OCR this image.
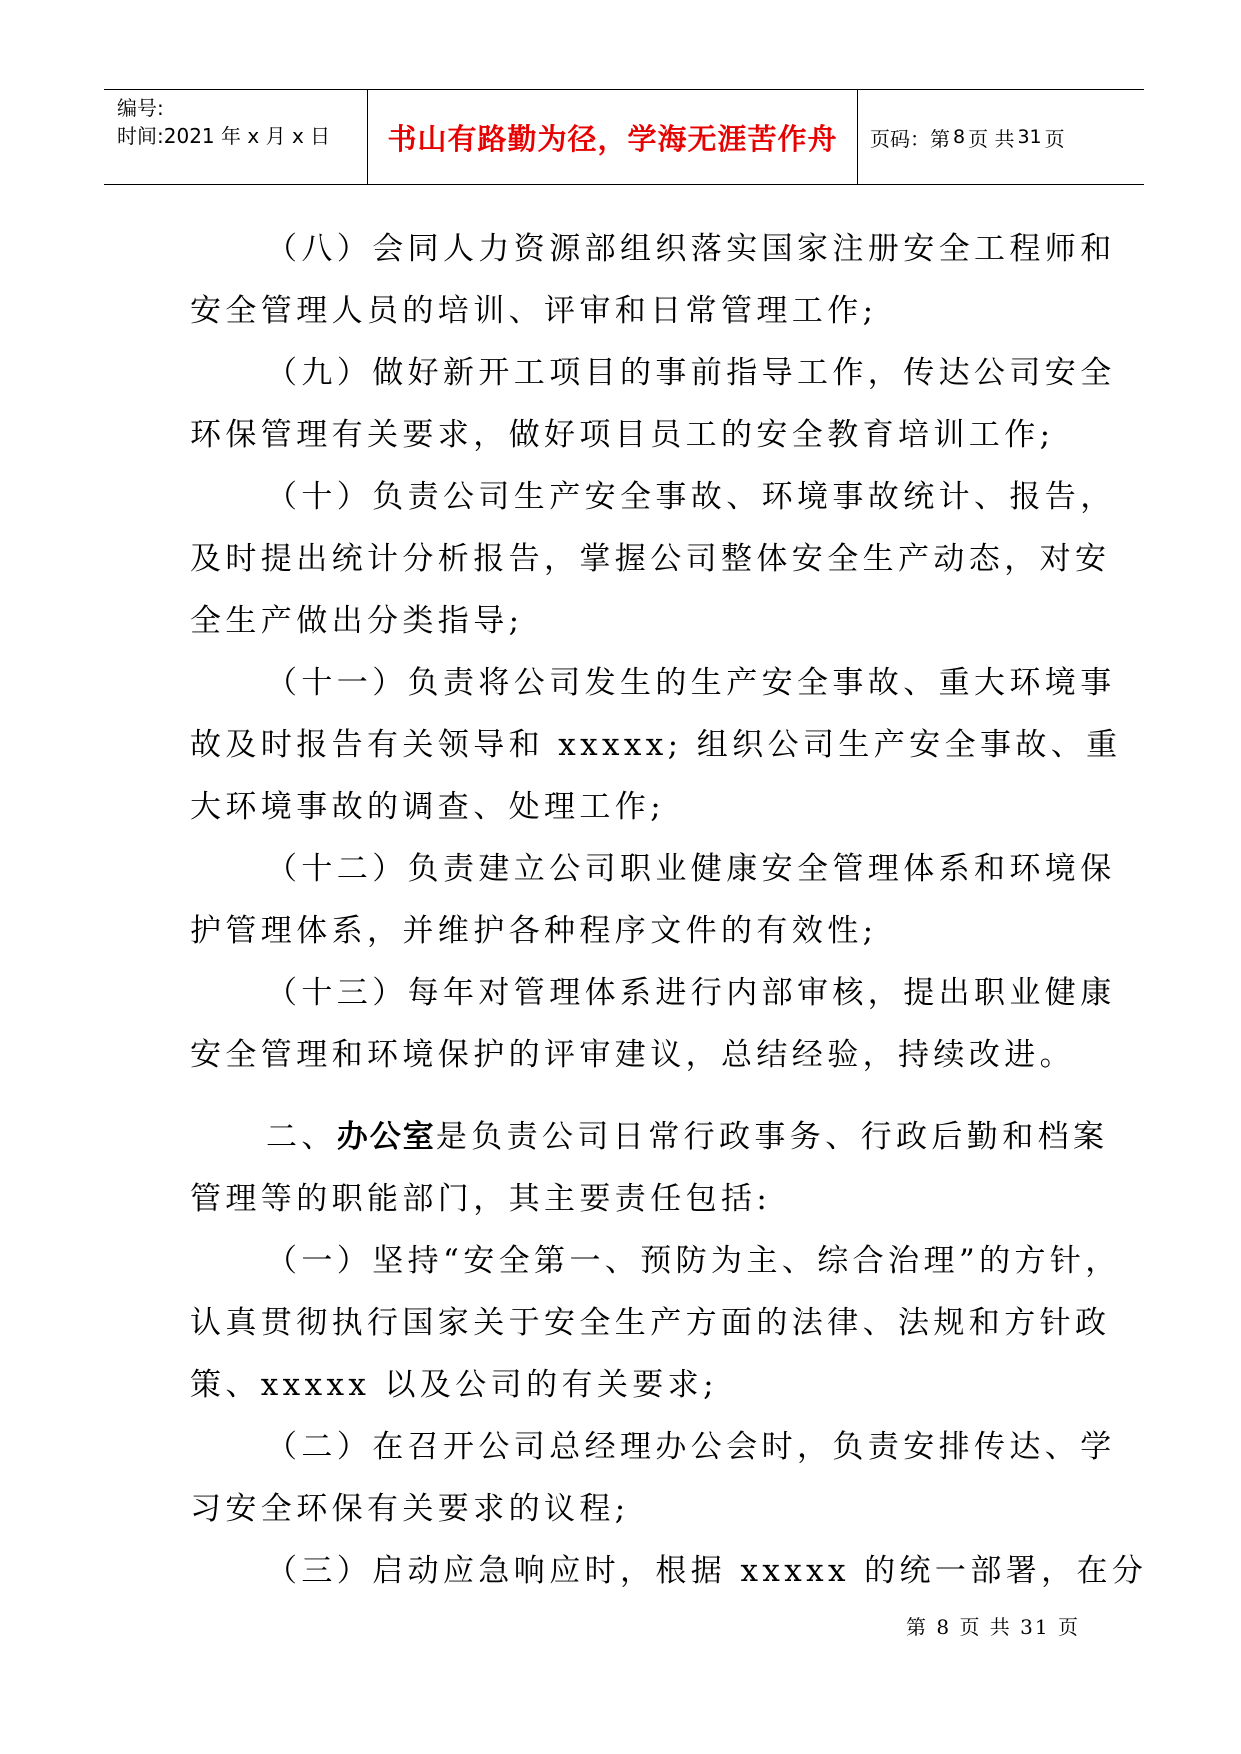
编号:
时间:2021 年 x 月 x 日	书山有路勤为径，学海无涯苦作舟 页码：第 8 页 共 31 页
（八）会同人力资源部组织落实国家注册安全工程师和
安全管理人员的培训、评审和日常管理工作;
（九）做好新开工项目的事前指导工作，传达公司安全
环保管理有关要求，做好项目员工的安全教育培训工作;
（十）负责公司生产安全事故、环境事故统计、报告，
及时提出统计分析报告，掌握公司整体安全生产动态，对安
全生产做出分类指导;
（十一）负责将公司发生的生产安全事故、重大环境事
故及时报告有关领导和 xxxxx; 组织公司生产安全事故、重
大环境事故的调查、处理工作;
（十二）负责建立公司职业健康安全管理体系和环境保
护管理体系，并维护各种程序文件的有效性;
（十三）每年对管理体系进行内部审核，提出职业健康
安全管理和环境保护的评审建议，总结经验，持续改进。
二、办公室是负责公司日常行政事务、行政后勤和档案
管理等的职能部门，其主要责任包括:
（一）坚持“安全第一、预防为主、综合治理”的方针，
认真贯彻执行国家关于安全生产方面的法律、法规和方针政
策、xxxxx 以及公司的有关要求;
（二）在召开公司总经理办公会时，负责安排传达、学
习安全环保有关要求的议程;
（三）启动应急响应时，根据 xxxxx 的统一部署，在分
第 8 页 共 31 页
